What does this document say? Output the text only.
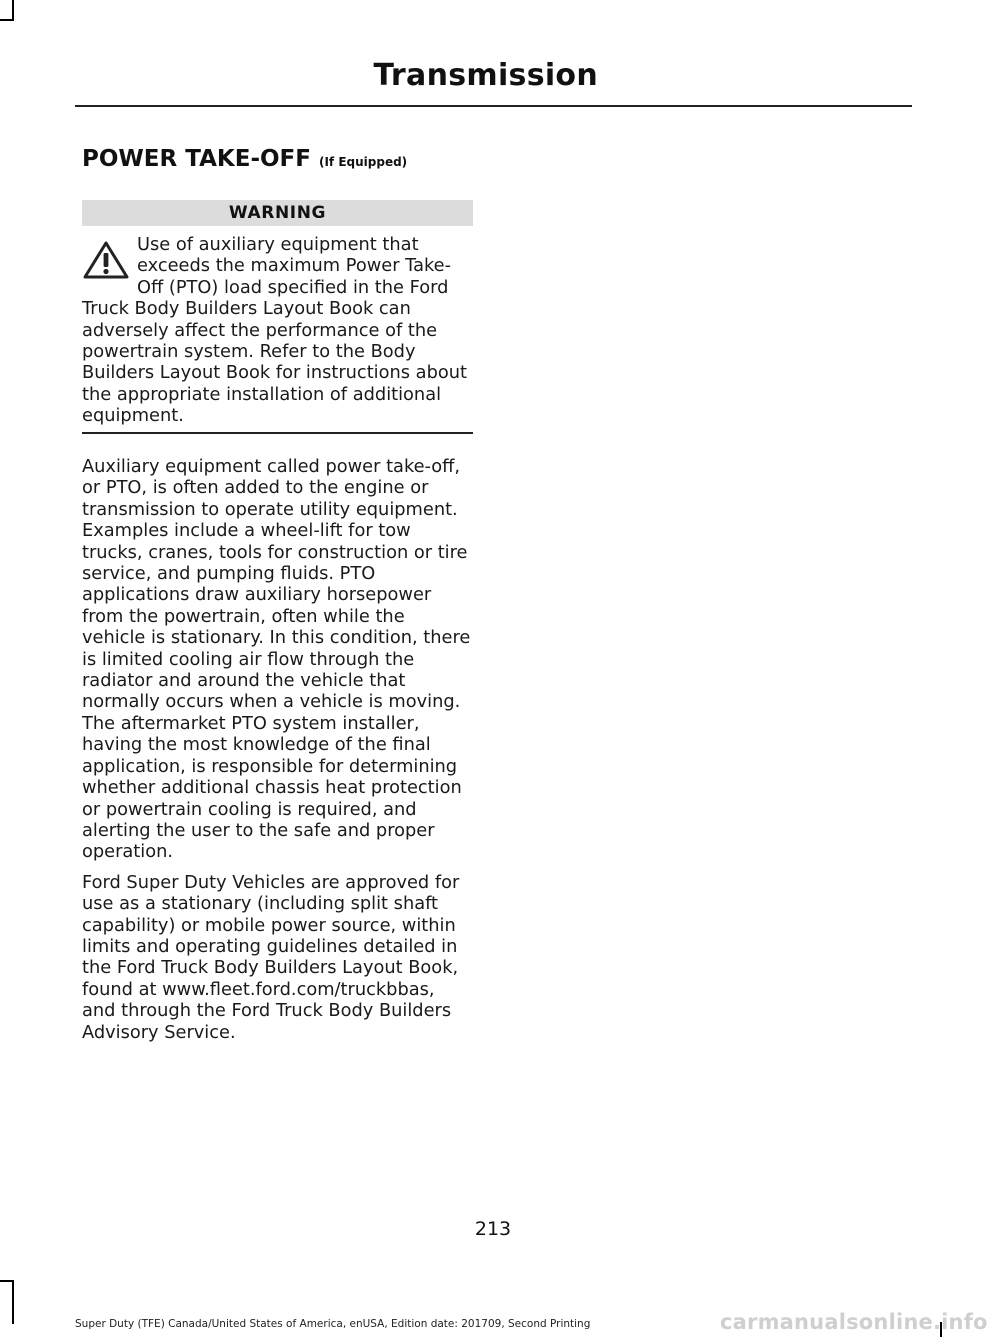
Transmission
POWER TAKE-OFF (If Equipped)
WARNING

Use of auxiliary equipment that exceeds the maximum Power Take-Off (PTO) load specified in the Ford Truck Body Builders Layout Book can adversely affect the performance of the powertrain system. Refer to the Body Builders Layout Book for instructions about the appropriate installation of additional equipment.

Auxiliary equipment called power take-off, or PTO, is often added to the engine or transmission to operate utility equipment. Examples include a wheel-lift for tow trucks, cranes, tools for construction or tire service, and pumping fluids. PTO applications draw auxiliary horsepower from the powertrain, often while the vehicle is stationary. In this condition, there is limited cooling air flow through the radiator and around the vehicle that normally occurs when a vehicle is moving. The aftermarket PTO system installer, having the most knowledge of the final application, is responsible for determining whether additional chassis heat protection or powertrain cooling is required, and alerting the user to the safe and proper operation.

Ford Super Duty Vehicles are approved for use as a stationary (including split shaft capability) or mobile power source, within limits and operating guidelines detailed in the Ford Truck Body Builders Layout Book, found at www.fleet.ford.com/truckbbas, and through the Ford Truck Body Builders Advisory Service.

213
Super Duty (TFE) Canada/United States of America, enUSA, Edition date: 201709, Second Printing	carmanualsonline.info
